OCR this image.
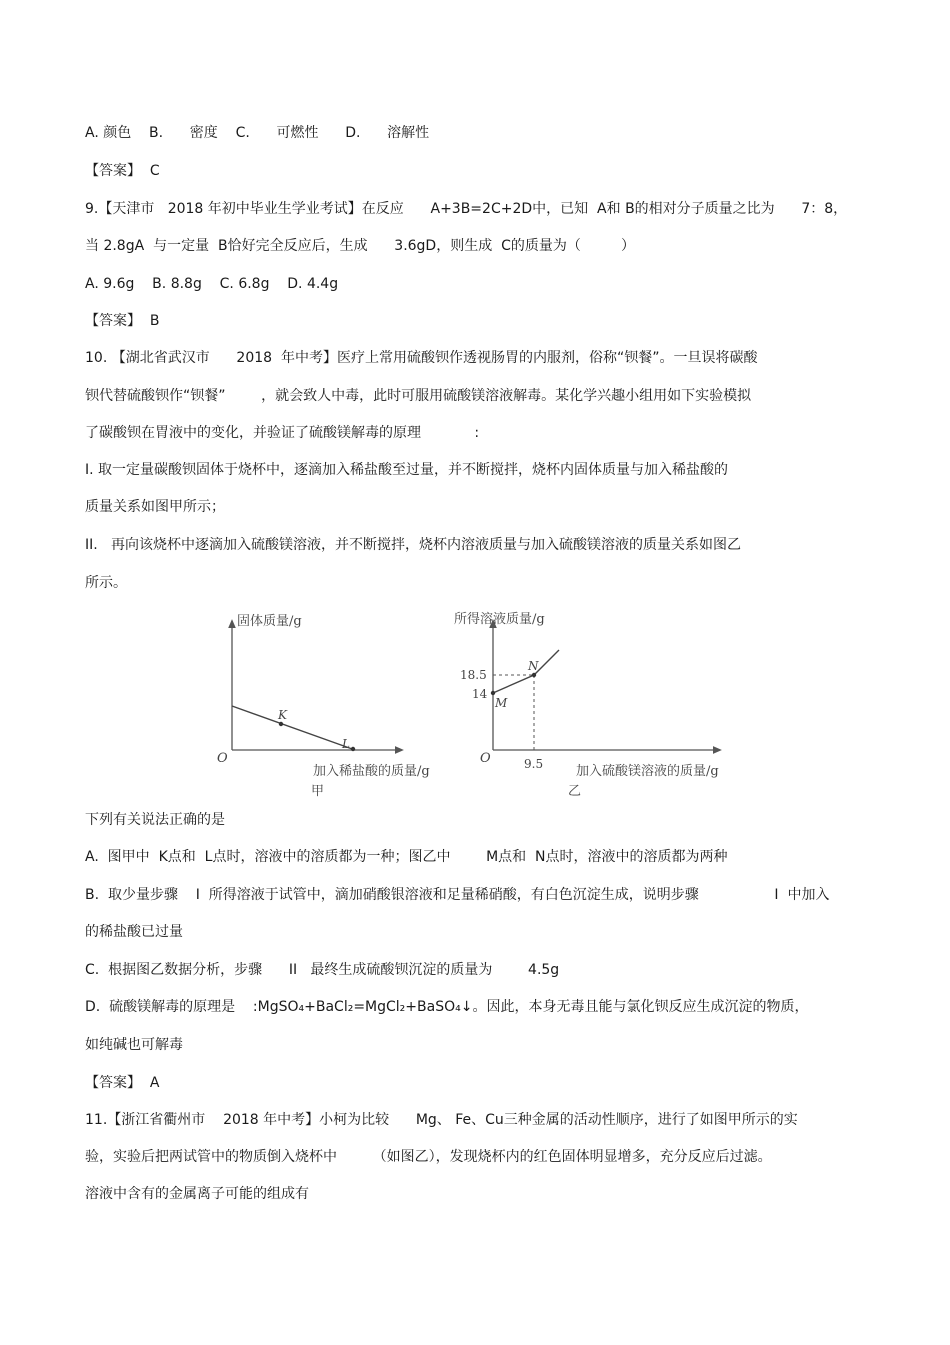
A. 颜色    B.      密度    C.      可燃性      D.      溶解性
【答案】  C
9.【天津市   2018 年初中毕业生学业考试】在反应      A+3B=2C+2D中，已知  A和 B的相对分子质量之比为      7：8，
当 2.8gA  与一定量  B恰好完全反应后，生成      3.6gD，则生成  C的质量为（         ）
A. 9.6g    B. 8.8g    C. 6.8g    D. 4.4g
【答案】  B
10. 【湖北省武汉市      2018  年中考】医疗上常用硫酸钡作透视肠胃的内服剂，俗称“钡餐”。一旦误将碳酸
钡代替硫酸钡作“钡餐”        ，就会致人中毒，此时可服用硫酸镁溶液解毒。某化学兴趣小组用如下实验模拟
了碳酸钡在胃液中的变化，并验证了硫酸镁解毒的原理            :
I. 取一定量碳酸钡固体于烧杯中，逐滴加入稀盐酸至过量，并不断搅拌，烧杯内固体质量与加入稀盐酸的
质量关系如图甲所示；
II.   再向该烧杯中逐滴加入硫酸镁溶液，并不断搅拌，烧杯内溶液质量与加入硫酸镁溶液的质量关系如图乙
所示。
固体质量/g
加入稀盐酸的质量/g
O
K
L
甲
所得溶液质量/g
加入硫酸镁溶液的质量/g
O
18.5
14
9.5
M
N
乙
下列有关说法正确的是
A.  图甲中  K点和  L点时，溶液中的溶质都为一种；图乙中        M点和  N点时，溶液中的溶质都为两种
B.  取少量步骤    I  所得溶液于试管中，滴加硝酸银溶液和足量稀硝酸，有白色沉淀生成，说明步骤                 I  中加入
的稀盐酸已过量
C.  根据图乙数据分析，步骤      II   最终生成硫酸钡沉淀的质量为        4.5g
D.  硫酸镁解毒的原理是    :MgSO₄+BaCl₂=MgCl₂+BaSO₄↓。因此，本身无毒且能与氯化钡反应生成沉淀的物质，
如纯碱也可解毒
【答案】  A
11.【浙江省衢州市    2018 年中考】小柯为比较      Mg、 Fe、Cu三种金属的活动性顺序，进行了如图甲所示的实
验，实验后把两试管中的物质倒入烧杯中        （如图乙），发现烧杯内的红色固体明显增多，充分反应后过滤。
溶液中含有的金属离子可能的组成有
